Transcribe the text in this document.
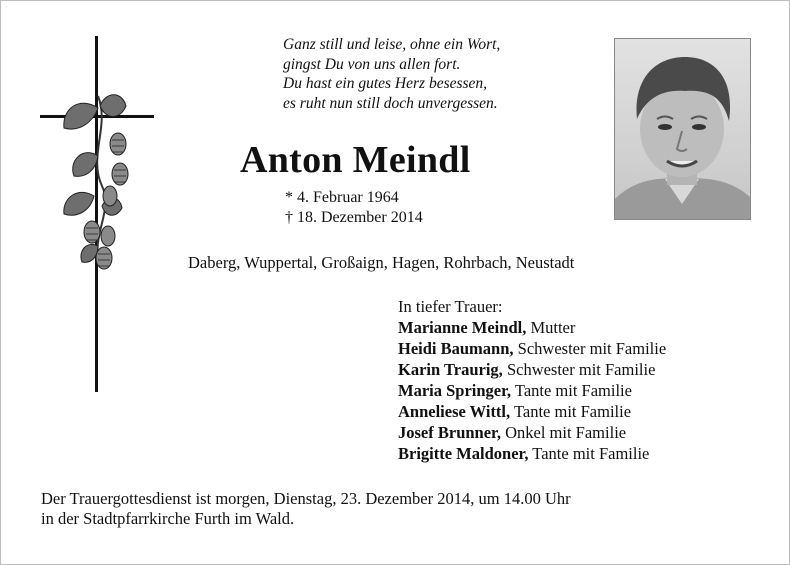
Ganz still und leise, ohne ein Wort,
gingst Du von uns allen fort.
Du hast ein gutes Herz besessen,
es ruht nun still doch unvergessen.
Anton Meindl
* 4. Februar 1964
† 18. Dezember 2014
Daberg, Wuppertal, Großaign, Hagen, Rohrbach, Neustadt
In tiefer Trauer:
Marianne Meindl, Mutter
Heidi Baumann, Schwester mit Familie
Karin Traurig, Schwester mit Familie
Maria Springer, Tante mit Familie
Anneliese Wittl, Tante mit Familie
Josef Brunner, Onkel mit Familie
Brigitte Maldoner, Tante mit Familie
Der Trauergottesdienst ist morgen, Dienstag, 23. Dezember 2014, um 14.00 Uhr
in der Stadtpfarrkirche Furth im Wald.
